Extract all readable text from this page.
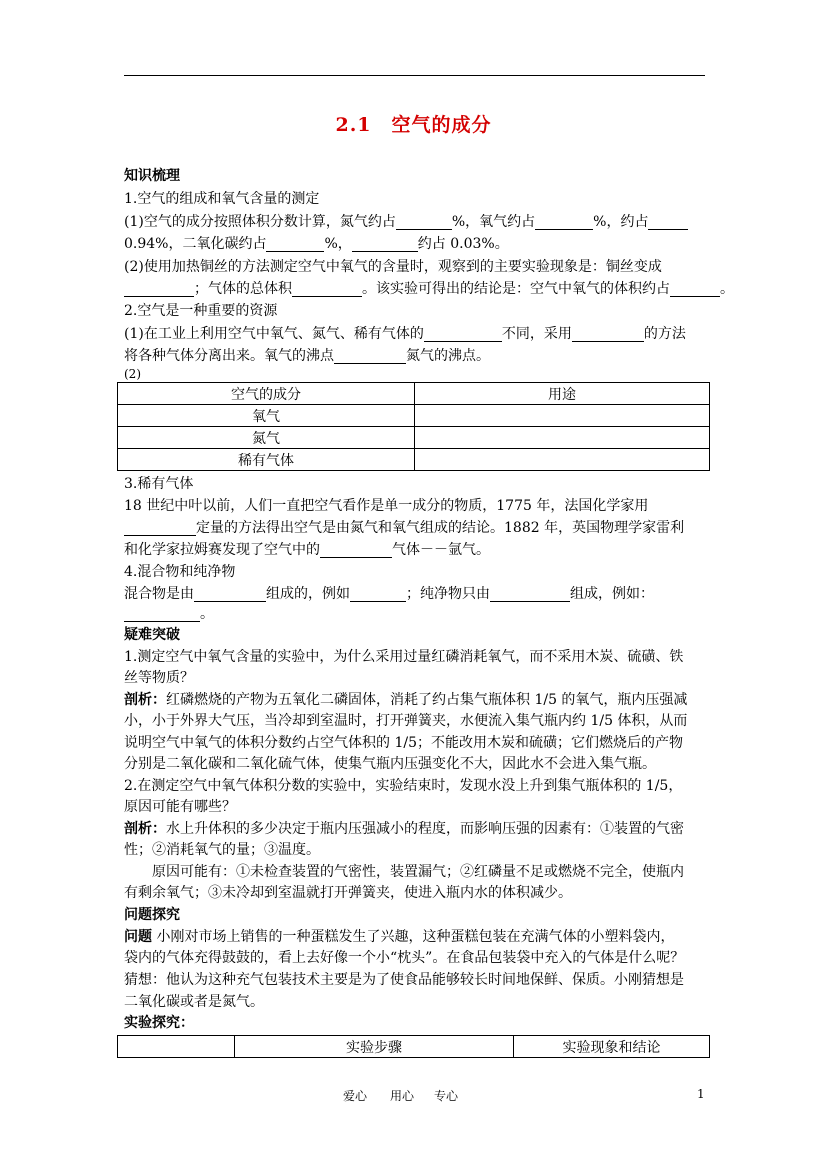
2.1　空气的成分
知识梳理
1.空气的组成和氧气含量的测定
(1)空气的成分按照体积分数计算，氮气约占	%，氧气约占	%，约占
0.94%，二氧化碳约占	%，	约占 0.03%。
(2)使用加热铜丝的方法测定空气中氧气的含量时，观察到的主要实验现象是：铜丝变成
；气体的总体积	。该实验可得出的结论是：空气中氧气的体积约占	。
2.空气是一种重要的资源
(1)在工业上利用空气中氧气、氮气、稀有气体的	不同，采用	的方法
将各种气体分离出来。氧气的沸点	氮气的沸点。
(2)
空气的成分	用途
氧气	
氮气	
稀有气体	
3.稀有气体
18 世纪中叶以前，人们一直把空气看作是单一成分的物质，1775 年，法国化学家用
定量的方法得出空气是由氮气和氧气组成的结论。1882 年，英国物理学家雷利
和化学家拉姆赛发现了空气中的	气体－－氩气。
4.混合物和纯净物
混合物是由	组成的，例如	；纯净物只由	组成，例如：
。
疑难突破
1.测定空气中氧气含量的实验中，为什么采用过量红磷消耗氧气，而不采用木炭、硫磺、铁
丝等物质？
剖析：红磷燃烧的产物为五氧化二磷固体，消耗了约占集气瓶体积 1/5 的氧气，瓶内压强减
小，小于外界大气压，当冷却到室温时，打开弹簧夹，水便流入集气瓶内约 1/5 体积，从而
说明空气中氧气的体积分数约占空气体积的 1/5；不能改用木炭和硫磺；它们燃烧后的产物
分别是二氧化碳和二氧化硫气体，使集气瓶内压强变化不大，因此水不会进入集气瓶。
2.在测定空气中氧气体积分数的实验中，实验结束时，发现水没上升到集气瓶体积的 1/5，
原因可能有哪些？
剖析：水上升体积的多少决定于瓶内压强减小的程度，而影响压强的因素有：①装置的气密
性；②消耗氧气的量；③温度。
原因可能有：①未检查装置的气密性，装置漏气；②红磷量不足或燃烧不完全，使瓶内
有剩余氧气；③未冷却到室温就打开弹簧夹，使进入瓶内水的体积减少。
问题探究
问题 小刚对市场上销售的一种蛋糕发生了兴趣，这种蛋糕包装在充满气体的小塑料袋内，
袋内的气体充得鼓鼓的，看上去好像一个小“枕头”。在食品包装袋中充入的气体是什么呢？
猜想：他认为这种充气包装技术主要是为了使食品能够较长时间地保鲜、保质。小刚猜想是
二氧化碳或者是氮气。
实验探究：
	实验步骤	实验现象和结论
爱心 用心 专心	1
